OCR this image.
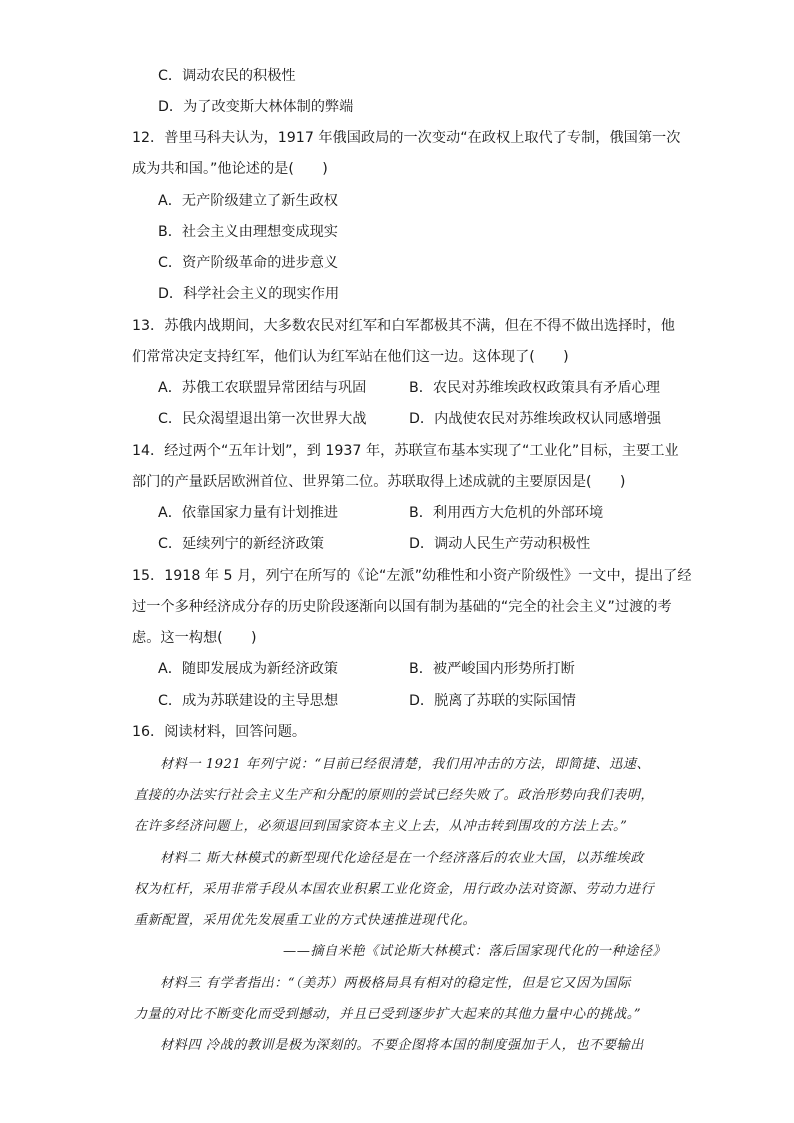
C．调动农民的积极性
D．为了改变斯大林体制的弊端
12．普里马科夫认为，1917 年俄国政局的一次变动“在政权上取代了专制，俄国第一次
成为共和国。”他论述的是(　　)
A．无产阶级建立了新生政权
B．社会主义由理想变成现实
C．资产阶级革命的进步意义
D．科学社会主义的现实作用
13．苏俄内战期间，大多数农民对红军和白军都极其不满，但在不得不做出选择时，他
们常常决定支持红军，他们认为红军站在他们这一边。这体现了(　　)
A．苏俄工农联盟异常团结与巩固	B．农民对苏维埃政权政策具有矛盾心理
C．民众渴望退出第一次世界大战	D．内战使农民对苏维埃政权认同感增强
14．经过两个“五年计划”，到 1937 年，苏联宣布基本实现了“工业化”目标，主要工业
部门的产量跃居欧洲首位、世界第二位。苏联取得上述成就的主要原因是(　　)
A．依靠国家力量有计划推进	B．利用西方大危机的外部环境
C．延续列宁的新经济政策	D．调动人民生产劳动积极性
15．1918 年 5 月，列宁在所写的《论“左派”幼稚性和小资产阶级性》一文中，提出了经
过一个多种经济成分存的历史阶段逐渐向以国有制为基础的“完全的社会主义”过渡的考
虑。这一构想(　　)
A．随即发展成为新经济政策	B．被严峻国内形势所打断
C．成为苏联建设的主导思想	D．脱离了苏联的实际国情
16．阅读材料，回答问题。
材料一 1921 年列宁说：“目前已经很清楚，我们用冲击的方法，即简捷、迅速、
直接的办法实行社会主义生产和分配的原则的尝试已经失败了。政治形势向我们表明，
在许多经济问题上，必须退回到国家资本主义上去，从冲击转到围攻的方法上去。”
材料二 斯大林模式的新型现代化途径是在一个经济落后的农业大国，以苏维埃政
权为杠杆，采用非常手段从本国农业积累工业化资金，用行政办法对资源、劳动力进行
重新配置，采用优先发展重工业的方式快速推进现代化。
——摘自米艳《试论斯大林模式：落后国家现代化的一种途径》
材料三 有学者指出：“（美苏）两极格局具有相对的稳定性，但是它又因为国际
力量的对比不断变化而受到撼动，并且已受到逐步扩大起来的其他力量中心的挑战。”
材料四 冷战的教训是极为深刻的。不要企图将本国的制度强加于人，也不要输出
